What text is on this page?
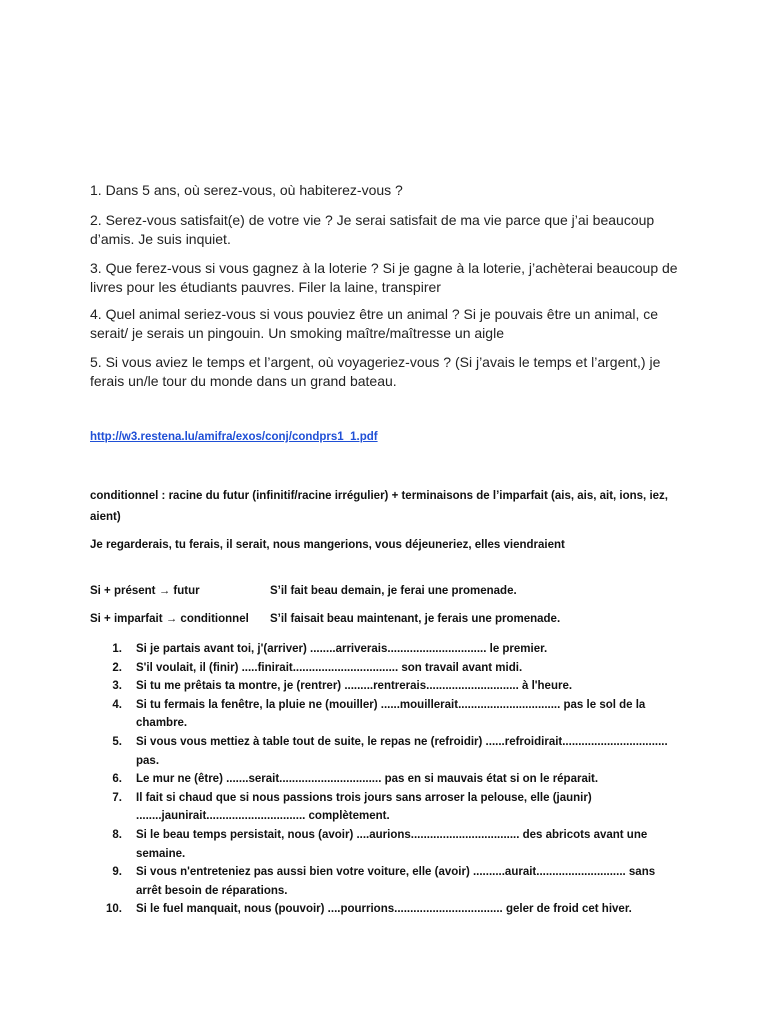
1. Dans 5 ans, où serez-vous, où habiterez-vous ?

2. Serez-vous satisfait(e) de votre vie ? Je serai satisfait de ma vie parce que j’ai beaucoup d’amis. Je suis inquiet.

3. Que ferez-vous si vous gagnez à la loterie ? Si je gagne à la loterie, j’achèterai beaucoup de livres pour les étudiants pauvres. Filer la laine, transpirer

4. Quel animal seriez-vous si vous pouviez être un animal ? Si je pouvais être un animal, ce serait/ je serais un pingouin. Un smoking maître/maîtresse un aigle

5. Si vous aviez le temps et l’argent, où voyageriez-vous ? (Si j’avais le temps et l’argent,) je ferais un/le tour du monde dans un grand bateau.

http://w3.restena.lu/amifra/exos/conj/condprs1_1.pdf

conditionnel : racine du futur (infinitif/racine irrégulier) + terminaisons de l’imparfait (ais, ais, ait, ions, iez, aient)

Je regarderais, tu ferais, il serait, nous mangerions, vous déjeuneriez, elles viendraient

Si + présent → futur	S’il fait beau demain, je ferai une promenade.
Si + imparfait → conditionnel S’il faisait beau maintenant, je ferais une promenade.
1. Si je partais avant toi, j'(arriver) ........arriverais............................... le premier.
2. S'il voulait, il (finir) .....finirait................................. son travail avant midi.
3. Si tu me prêtais ta montre, je (rentrer) .........rentrerais............................. à l'heure.
4. Si tu fermais la fenêtre, la pluie ne (mouiller) ......mouillerait................................ pas le sol de la chambre.
5. Si vous vous mettiez à table tout de suite, le repas ne (refroidir) ......refroidirait................................. pas.
6. Le mur ne (être) .......serait................................ pas en si mauvais état si on le réparait.
7. Il fait si chaud que si nous passions trois jours sans arroser la pelouse, elle (jaunir) ........jaunirait............................... complètement.
8. Si le beau temps persistait, nous (avoir) ....aurions.................................. des abricots avant une semaine.
9. Si vous n'entreteniez pas aussi bien votre voiture, elle (avoir) ..........aurait............................ sans arrêt besoin de réparations.
10. Si le fuel manquait, nous (pouvoir) ....pourrions.................................. geler de froid cet hiver.
